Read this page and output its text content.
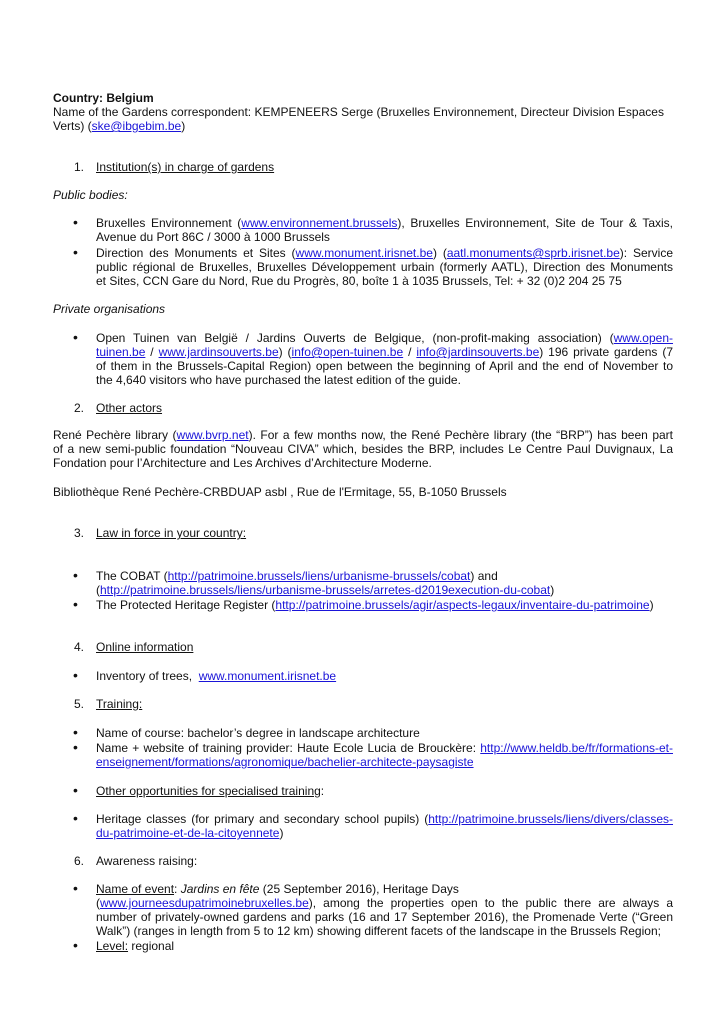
Country: Belgium
Name of the Gardens correspondent: KEMPENEERS Serge (Bruxelles Environnement, Directeur Division Espaces
Verts) (ske@ibgebim.be)
1. Institution(s) in charge of gardens
Public bodies:
• Bruxelles Environnement (www.environnement.brussels), Bruxelles Environnement, Site de Tour & Taxis,
Avenue du Port 86C / 3000 à 1000 Brussels
• Direction des Monuments et Sites (www.monument.irisnet.be) (aatl.monuments@sprb.irisnet.be): Service
public régional de Bruxelles, Bruxelles Développement urbain (formerly AATL), Direction des Monuments
et Sites, CCN Gare du Nord, Rue du Progrès, 80, boîte 1 à 1035 Brussels, Tel: + 32 (0)2 204 25 75
Private organisations
• Open Tuinen van België / Jardins Ouverts de Belgique, (non-profit-making association) (www.open-
tuinen.be / www.jardinsouverts.be) (info@open-tuinen.be / info@jardinsouverts.be) 196 private gardens (7
of them in the Brussels-Capital Region) open between the beginning of April and the end of November to
the 4,640 visitors who have purchased the latest edition of the guide.
2. Other actors
René Pechère library (www.bvrp.net). For a few months now, the René Pechère library (the “BRP”) has been part
of a new semi-public foundation “Nouveau CIVA” which, besides the BRP, includes Le Centre Paul Duvignaux, La
Fondation pour l’Architecture and Les Archives d’Architecture Moderne.
Bibliothèque René Pechère-CRBDUAP asbl , Rue de l'Ermitage, 55, B-1050 Brussels
3. Law in force in your country:
• The COBAT (http://patrimoine.brussels/liens/urbanisme-brussels/cobat) and
(http://patrimoine.brussels/liens/urbanisme-brussels/arretes-d2019execution-du-cobat)
• The Protected Heritage Register (http://patrimoine.brussels/agir/aspects-legaux/inventaire-du-patrimoine)
4. Online information
• Inventory of trees,  www.monument.irisnet.be
5. Training:
• Name of course: bachelor’s degree in landscape architecture
• Name + website of training provider: Haute Ecole Lucia de Brouckère: http://www.heldb.be/fr/formations-et-
enseignement/formations/agronomique/bachelier-architecte-paysagiste
• Other opportunities for specialised training:
• Heritage classes (for primary and secondary school pupils) (http://patrimoine.brussels/liens/divers/classes-
du-patrimoine-et-de-la-citoyennete)
6. Awareness raising:
• Name of event: Jardins en fête (25 September 2016), Heritage Days
(www.journeesdupatrimoinebruxelles.be), among the properties open to the public there are always a
number of privately-owned gardens and parks (16 and 17 September 2016), the Promenade Verte (“Green
Walk”) (ranges in length from 5 to 12 km) showing different facets of the landscape in the Brussels Region;
• Level: regional
